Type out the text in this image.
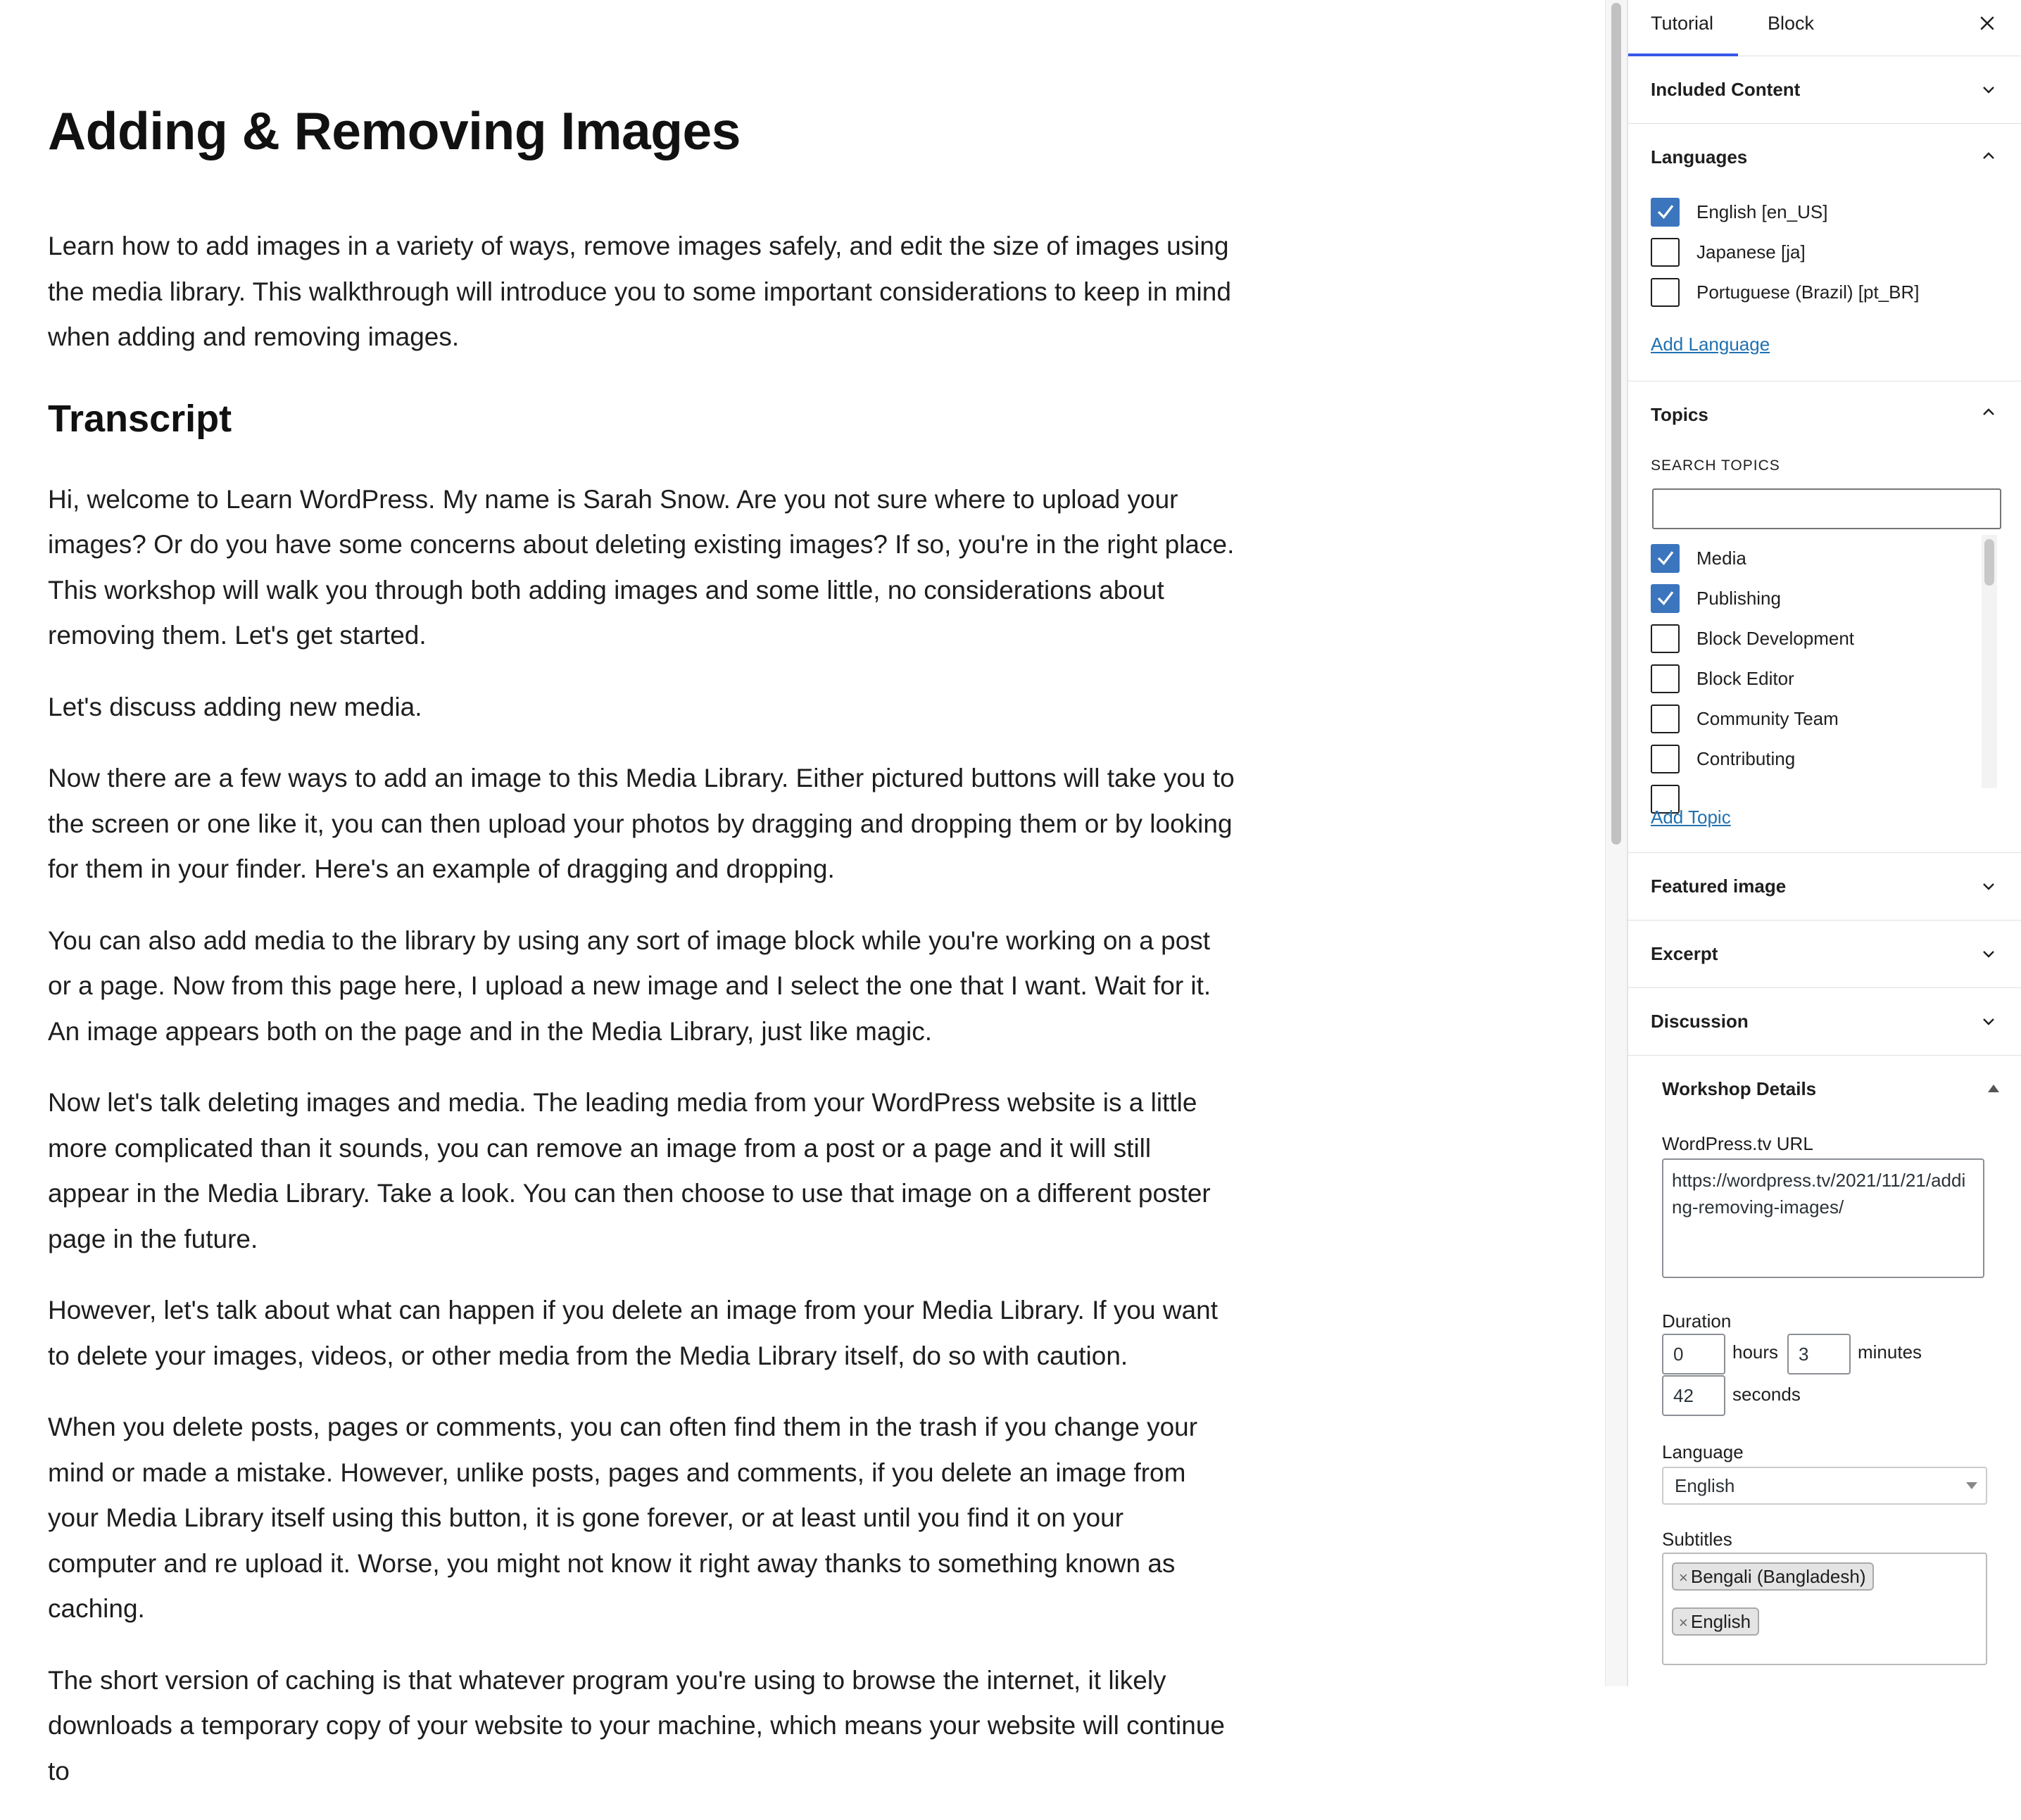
Adding & Removing Images

Learn how to add images in a variety of ways, remove images safely, and edit the size of images using the media library. This walkthrough will introduce you to some important considerations to keep in mind when adding and removing images.

Transcript

Hi, welcome to Learn WordPress. My name is Sarah Snow. Are you not sure where to upload your images? Or do you have some concerns about deleting existing images? If so, you're in the right place. This workshop will walk you through both adding images and some little, no considerations about removing them. Let's get started.

Let's discuss adding new media.

Now there are a few ways to add an image to this Media Library. Either pictured buttons will take you to the screen or one like it, you can then upload your photos by dragging and dropping them or by looking for them in your finder. Here's an example of dragging and dropping.

You can also add media to the library by using any sort of image block while you're working on a post or a page. Now from this page here, I upload a new image and I select the one that I want. Wait for it. An image appears both on the page and in the Media Library, just like magic.

Now let's talk deleting images and media. The leading media from your WordPress website is a little more complicated than it sounds, you can remove an image from a post or a page and it will still appear in the Media Library. Take a look. You can then choose to use that image on a different poster page in the future.

However, let's talk about what can happen if you delete an image from your Media Library. If you want to delete your images, videos, or other media from the Media Library itself, do so with caution.

When you delete posts, pages or comments, you can often find them in the trash if you change your mind or made a mistake. However, unlike posts, pages and comments, if you delete an image from your Media Library itself using this button, it is gone forever, or at least until you find it on your computer and re upload it. Worse, you might not know it right away thanks to something known as caching.

The short version of caching is that whatever program you're using to browse the internet, it likely downloads a temporary copy of your website to your machine, which means your website will continue to

Tutorial	Block
Included Content
Languages
English [en_US]
Japanese [ja]
Portuguese (Brazil) [pt_BR]
Add Language
Topics
SEARCH TOPICS
Media
Publishing
Block Development
Block Editor
Community Team
Contributing
Add Topic
Featured image
Excerpt
Discussion
Workshop Details
WordPress.tv URL
https://wordpress.tv/2021/11/21/adding-removing-images/
Duration
0
hours
3	minutes
42
seconds
Language
English
Subtitles
× Bengali (Bangladesh)
× English
